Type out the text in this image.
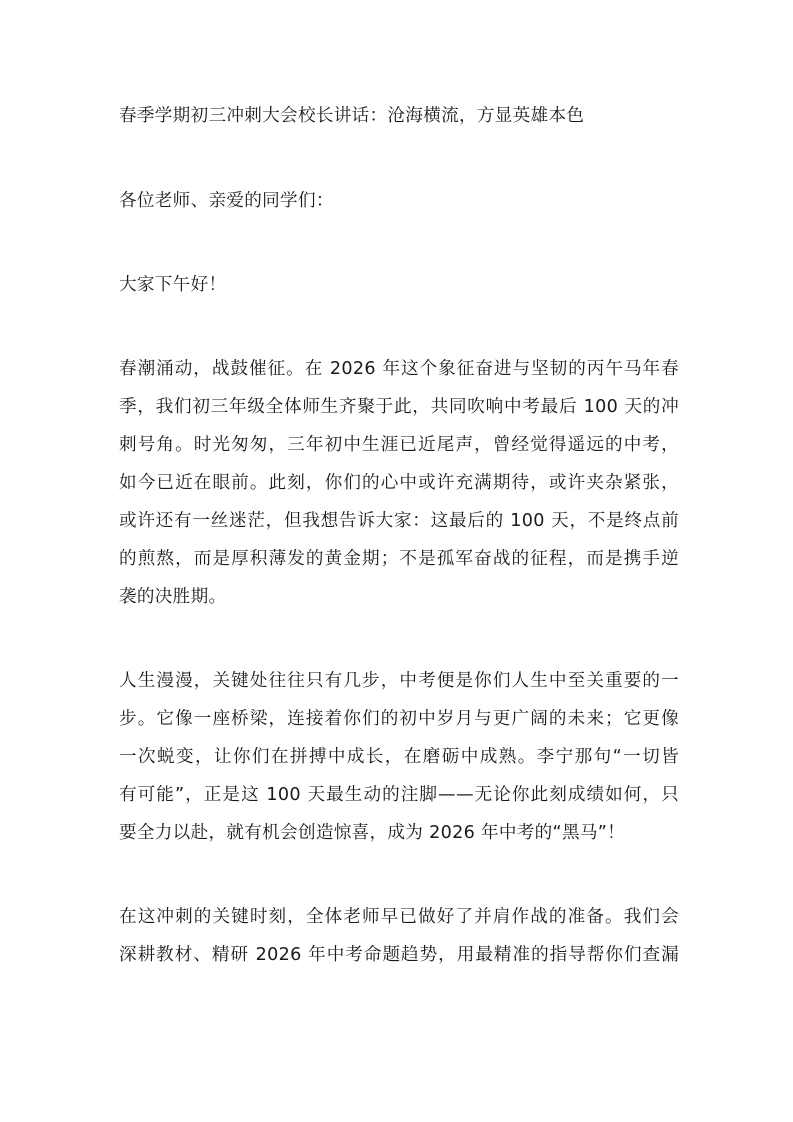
春季学期初三冲刺大会校长讲话：沧海横流，方显英雄本色
各位老师、亲爱的同学们：
大家下午好！
春潮涌动，战鼓催征。在 2026 年这个象征奋进与坚韧的丙午马年春
季，我们初三年级全体师生齐聚于此，共同吹响中考最后 100 天的冲
刺号角。时光匆匆，三年初中生涯已近尾声，曾经觉得遥远的中考，
如今已近在眼前。此刻，你们的心中或许充满期待，或许夹杂紧张，
或许还有一丝迷茫，但我想告诉大家：这最后的 100 天，不是终点前
的煎熬，而是厚积薄发的黄金期；不是孤军奋战的征程，而是携手逆
袭的决胜期。
人生漫漫，关键处往往只有几步，中考便是你们人生中至关重要的一
步。它像一座桥梁，连接着你们的初中岁月与更广阔的未来；它更像
一次蜕变，让你们在拼搏中成长，在磨砺中成熟。李宁那句“一切皆
有可能”，正是这 100 天最生动的注脚——无论你此刻成绩如何，只
要全力以赴，就有机会创造惊喜，成为 2026 年中考的“黑马”！
在这冲刺的关键时刻，全体老师早已做好了并肩作战的准备。我们会
深耕教材、精研 2026 年中考命题趋势，用最精准的指导帮你们查漏
